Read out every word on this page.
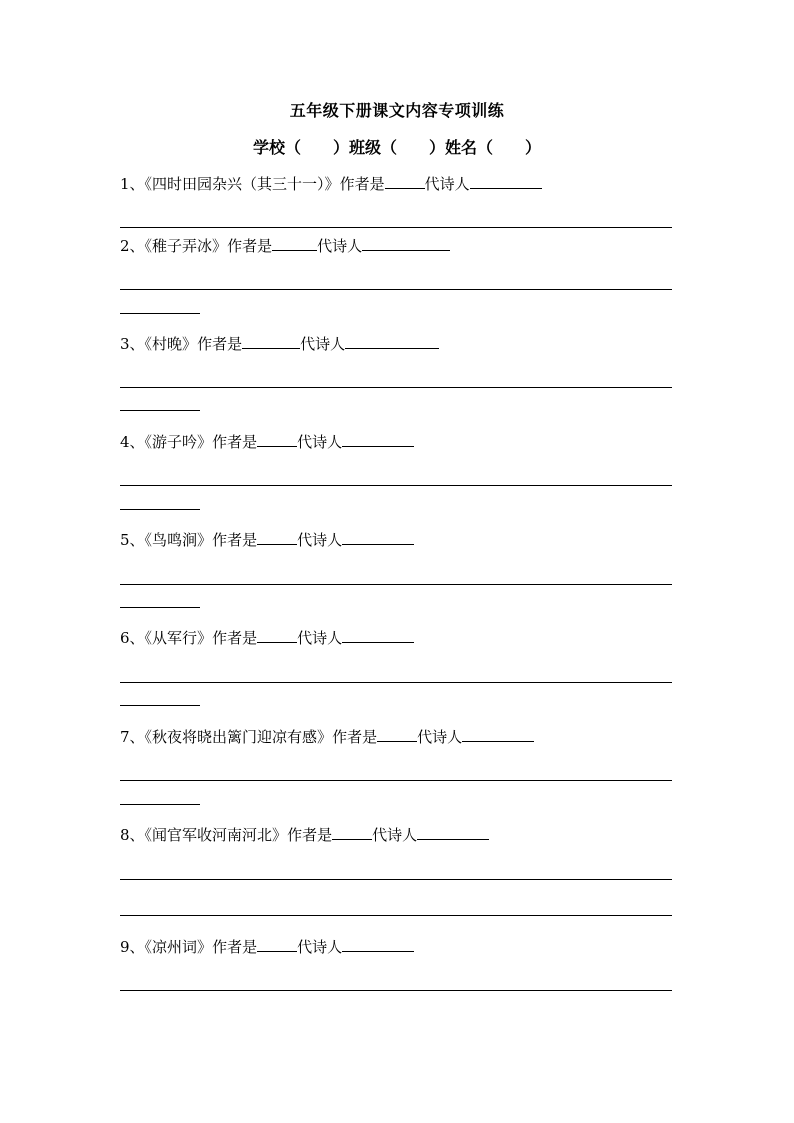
五年级下册课文内容专项训练
学校（　　）班级（　　）姓名（　　）
1、《四时田园杂兴（其三十一）》作者是	代诗人
2、《稚子弄冰》作者是	代诗人
3、《村晚》作者是	代诗人
4、《游子吟》作者是	代诗人
5、《鸟鸣涧》作者是	代诗人
6、《从军行》作者是	代诗人
7、《秋夜将晓出篱门迎凉有感》作者是	代诗人
8、《闻官军收河南河北》作者是	代诗人
9、《凉州词》作者是	代诗人
